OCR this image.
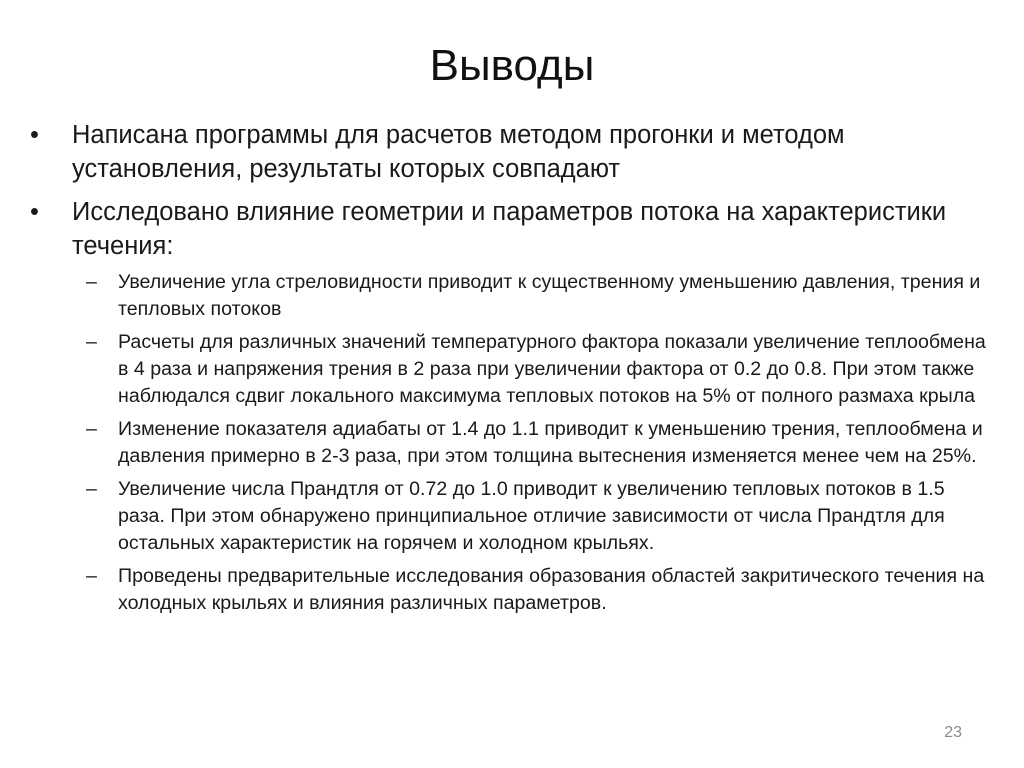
Выводы
•	Написана программы для расчетов методом прогонки и методом установления, результаты которых совпадают
•	Исследовано влияние геометрии и параметров потока на характеристики течения:
– Увеличение угла стреловидности приводит к существенному уменьшению давления, трения и тепловых потоков
– Расчеты для различных значений температурного фактора показали увеличение теплообмена в 4 раза и напряжения трения в 2 раза при увеличении фактора от 0.2 до 0.8. При этом также наблюдался сдвиг локального максимума тепловых потоков на 5% от полного размаха крыла
– Изменение показателя адиабаты от 1.4 до 1.1 приводит к уменьшению трения, теплообмена и давления примерно в 2-3 раза, при этом толщина вытеснения изменяется менее чем на 25%.
– Увеличение числа Прандтля от 0.72 до 1.0 приводит к увеличению тепловых потоков в 1.5 раза. При этом обнаружено принципиальное отличие зависимости от числа Прандтля для остальных характеристик на горячем и холодном крыльях.
– Проведены предварительные исследования образования областей закритического течения на холодных крыльях и влияния различных параметров.
23
